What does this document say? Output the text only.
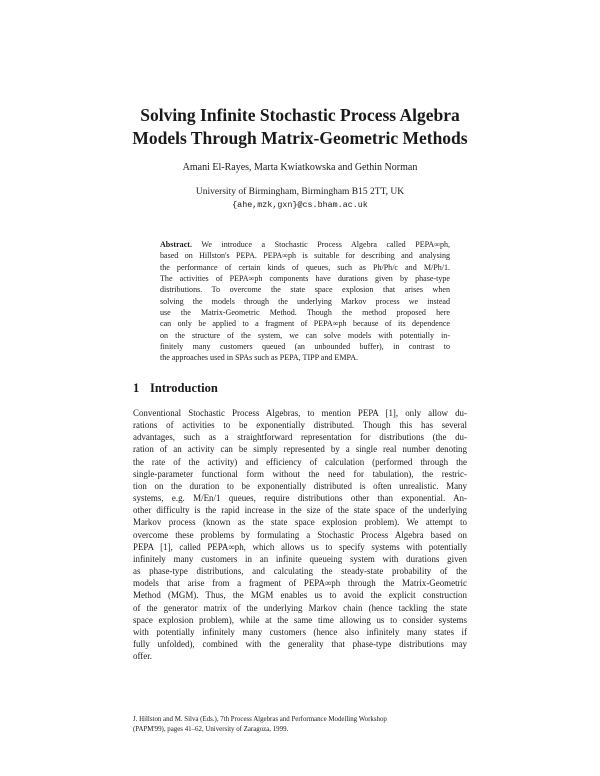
Solving Infinite Stochastic Process Algebra
Models Through Matrix-Geometric Methods
Amani El-Rayes, Marta Kwiatkowska and Gethin Norman
University of Birmingham, Birmingham B15 2TT, UK
{ahe,mzk,gxn}@cs.bham.ac.uk
Abstract. We introduce a Stochastic Process Algebra called PEPA∞ph,
based on Hillston's PEPA. PEPA∞ph is suitable for describing and analysing
the performance of certain kinds of queues, such as Ph/Ph/c and M/Ph/1.
The activities of PEPA∞ph components have durations given by phase-type
distributions. To overcome the state space explosion that arises when
solving the models through the underlying Markov process we instead
use the Matrix-Geometric Method. Though the method proposed here
can only be applied to a fragment of PEPA∞ph because of its dependence
on the structure of the system, we can solve models with potentially in-
finitely many customers queued (an unbounded buffer), in contrast to
the approaches used in SPAs such as PEPA, TIPP and EMPA.
1 Introduction
Conventional Stochastic Process Algebras, to mention PEPA [1], only allow du-
rations of activities to be exponentially distributed. Though this has several
advantages, such as a straightforward representation for distributions (the du-
ration of an activity can be simply represented by a single real number denoting
the rate of the activity) and efficiency of calculation (performed through the
single-parameter functional form without the need for tabulation), the restric-
tion on the duration to be exponentially distributed is often unrealistic. Many
systems, e.g. M/En/1 queues, require distributions other than exponential. An-
other difficulty is the rapid increase in the size of the state space of the underlying
Markov process (known as the state space explosion problem). We attempt to
overcome these problems by formulating a Stochastic Process Algebra based on
PEPA [1], called PEPA∞ph, which allows us to specify systems with potentially
infinitely many customers in an infinite queueing system with durations given
as phase-type distributions, and calculating the steady-state probability of the
models that arise from a fragment of PEPA∞ph through the Matrix-Geometric
Method (MGM). Thus, the MGM enables us to avoid the explicit construction
of the generator matrix of the underlying Markov chain (hence tackling the state
space explosion problem), while at the same time allowing us to consider systems
with potentially infinitely many customers (hence also infinitely many states if
fully unfolded), combined with the generality that phase-type distributions may
offer.
J. Hillston and M. Silva (Eds.), 7th Process Algebras and Performance Modelling Workshop
(PAPM'99), pages 41–62, University of Zaragoza, 1999.
